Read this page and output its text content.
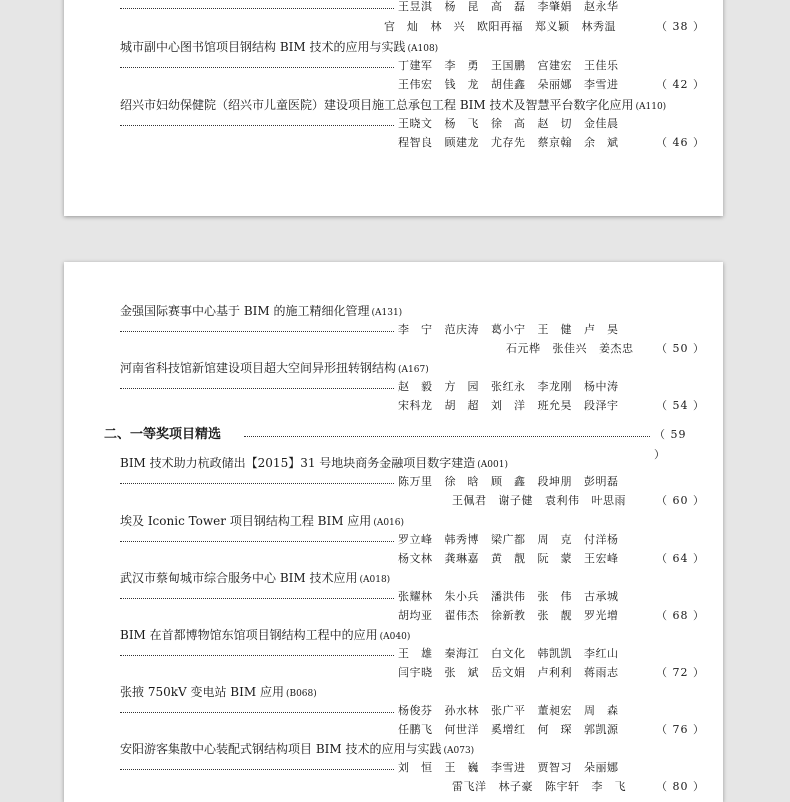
王昱淇 杨　昆 高　磊 李肇娟 赵永华
官　灿 林　兴 欧阳再福 郑义颖 林秀温	（ 38 ）
城市副中心图书馆项目钢结构 BIM 技术的应用与实践 (A108)
丁建军 李　勇 王国鹏 宫建宏 王佳乐
王伟宏 钱　龙 胡佳鑫 朵丽娜 李雪进	（ 42 ）
绍兴市妇幼保健院（绍兴市儿童医院）建设项目施工总承包工程 BIM 技术及智慧平台数字化应用 (A110)
王晓文 杨　飞 徐　高 赵　切 金佳晨
程智良 顾建龙 尤存先 蔡京翰 余　斌	（ 46 ）
金强国际赛事中心基于 BIM 的施工精细化管理 (A131)
李　宁 范庆涛 葛小宁 王　健 卢　昊
石元桦 张佳兴 姜杰忠	（ 50 ）
河南省科技馆新馆建设项目超大空间异形扭转钢结构 (A167)
赵　毅 方　园 张红永 李龙刚 杨中涛
宋科龙 胡　超 刘　洋 班允昊 段泽宇	（ 54 ）
二、一等奖项目精选	（ 59 ）
BIM 技术助力杭政储出【2015】31 号地块商务金融项目数字建造 (A001)
陈万里 徐　晗 顾　鑫 段坤朋 彭明磊
王佩君 谢子健 袁利伟 叶思雨	（ 60 ）
埃及 Iconic Tower 项目钢结构工程 BIM 应用 (A016)
罗立峰 韩秀博 梁广都 周　克 付洋杨
杨文林 龚琳嘉 黄　靓 阮　蒙 王宏峰	（ 64 ）
武汉市蔡甸城市综合服务中心 BIM 技术应用 (A018)
张耀林 朱小兵 潘洪伟 张　伟 古承城
胡均亚 翟伟杰 徐新教 张　靓 罗光增	（ 68 ）
BIM 在首都博物馆东馆项目钢结构工程中的应用 (A040)
王　雄 秦海江 白文化 韩凯凯 李红山
闫宇晓 张　斌 岳文娟 卢利利 蒋雨志	（ 72 ）
张掖 750kV 变电站 BIM 应用 (B068)
杨俊芬 孙水林 张广平 董昶宏 周　森
任鹏飞 何世洋 奚增红 何　琛 郭凯源	（ 76 ）
安阳游客集散中心装配式钢结构项目 BIM 技术的应用与实践 (A073)
刘　恒 王　巍 李雪进 贾智习 朵丽娜
雷飞洋 林子豪 陈宇轩 李　飞	（ 80 ）
